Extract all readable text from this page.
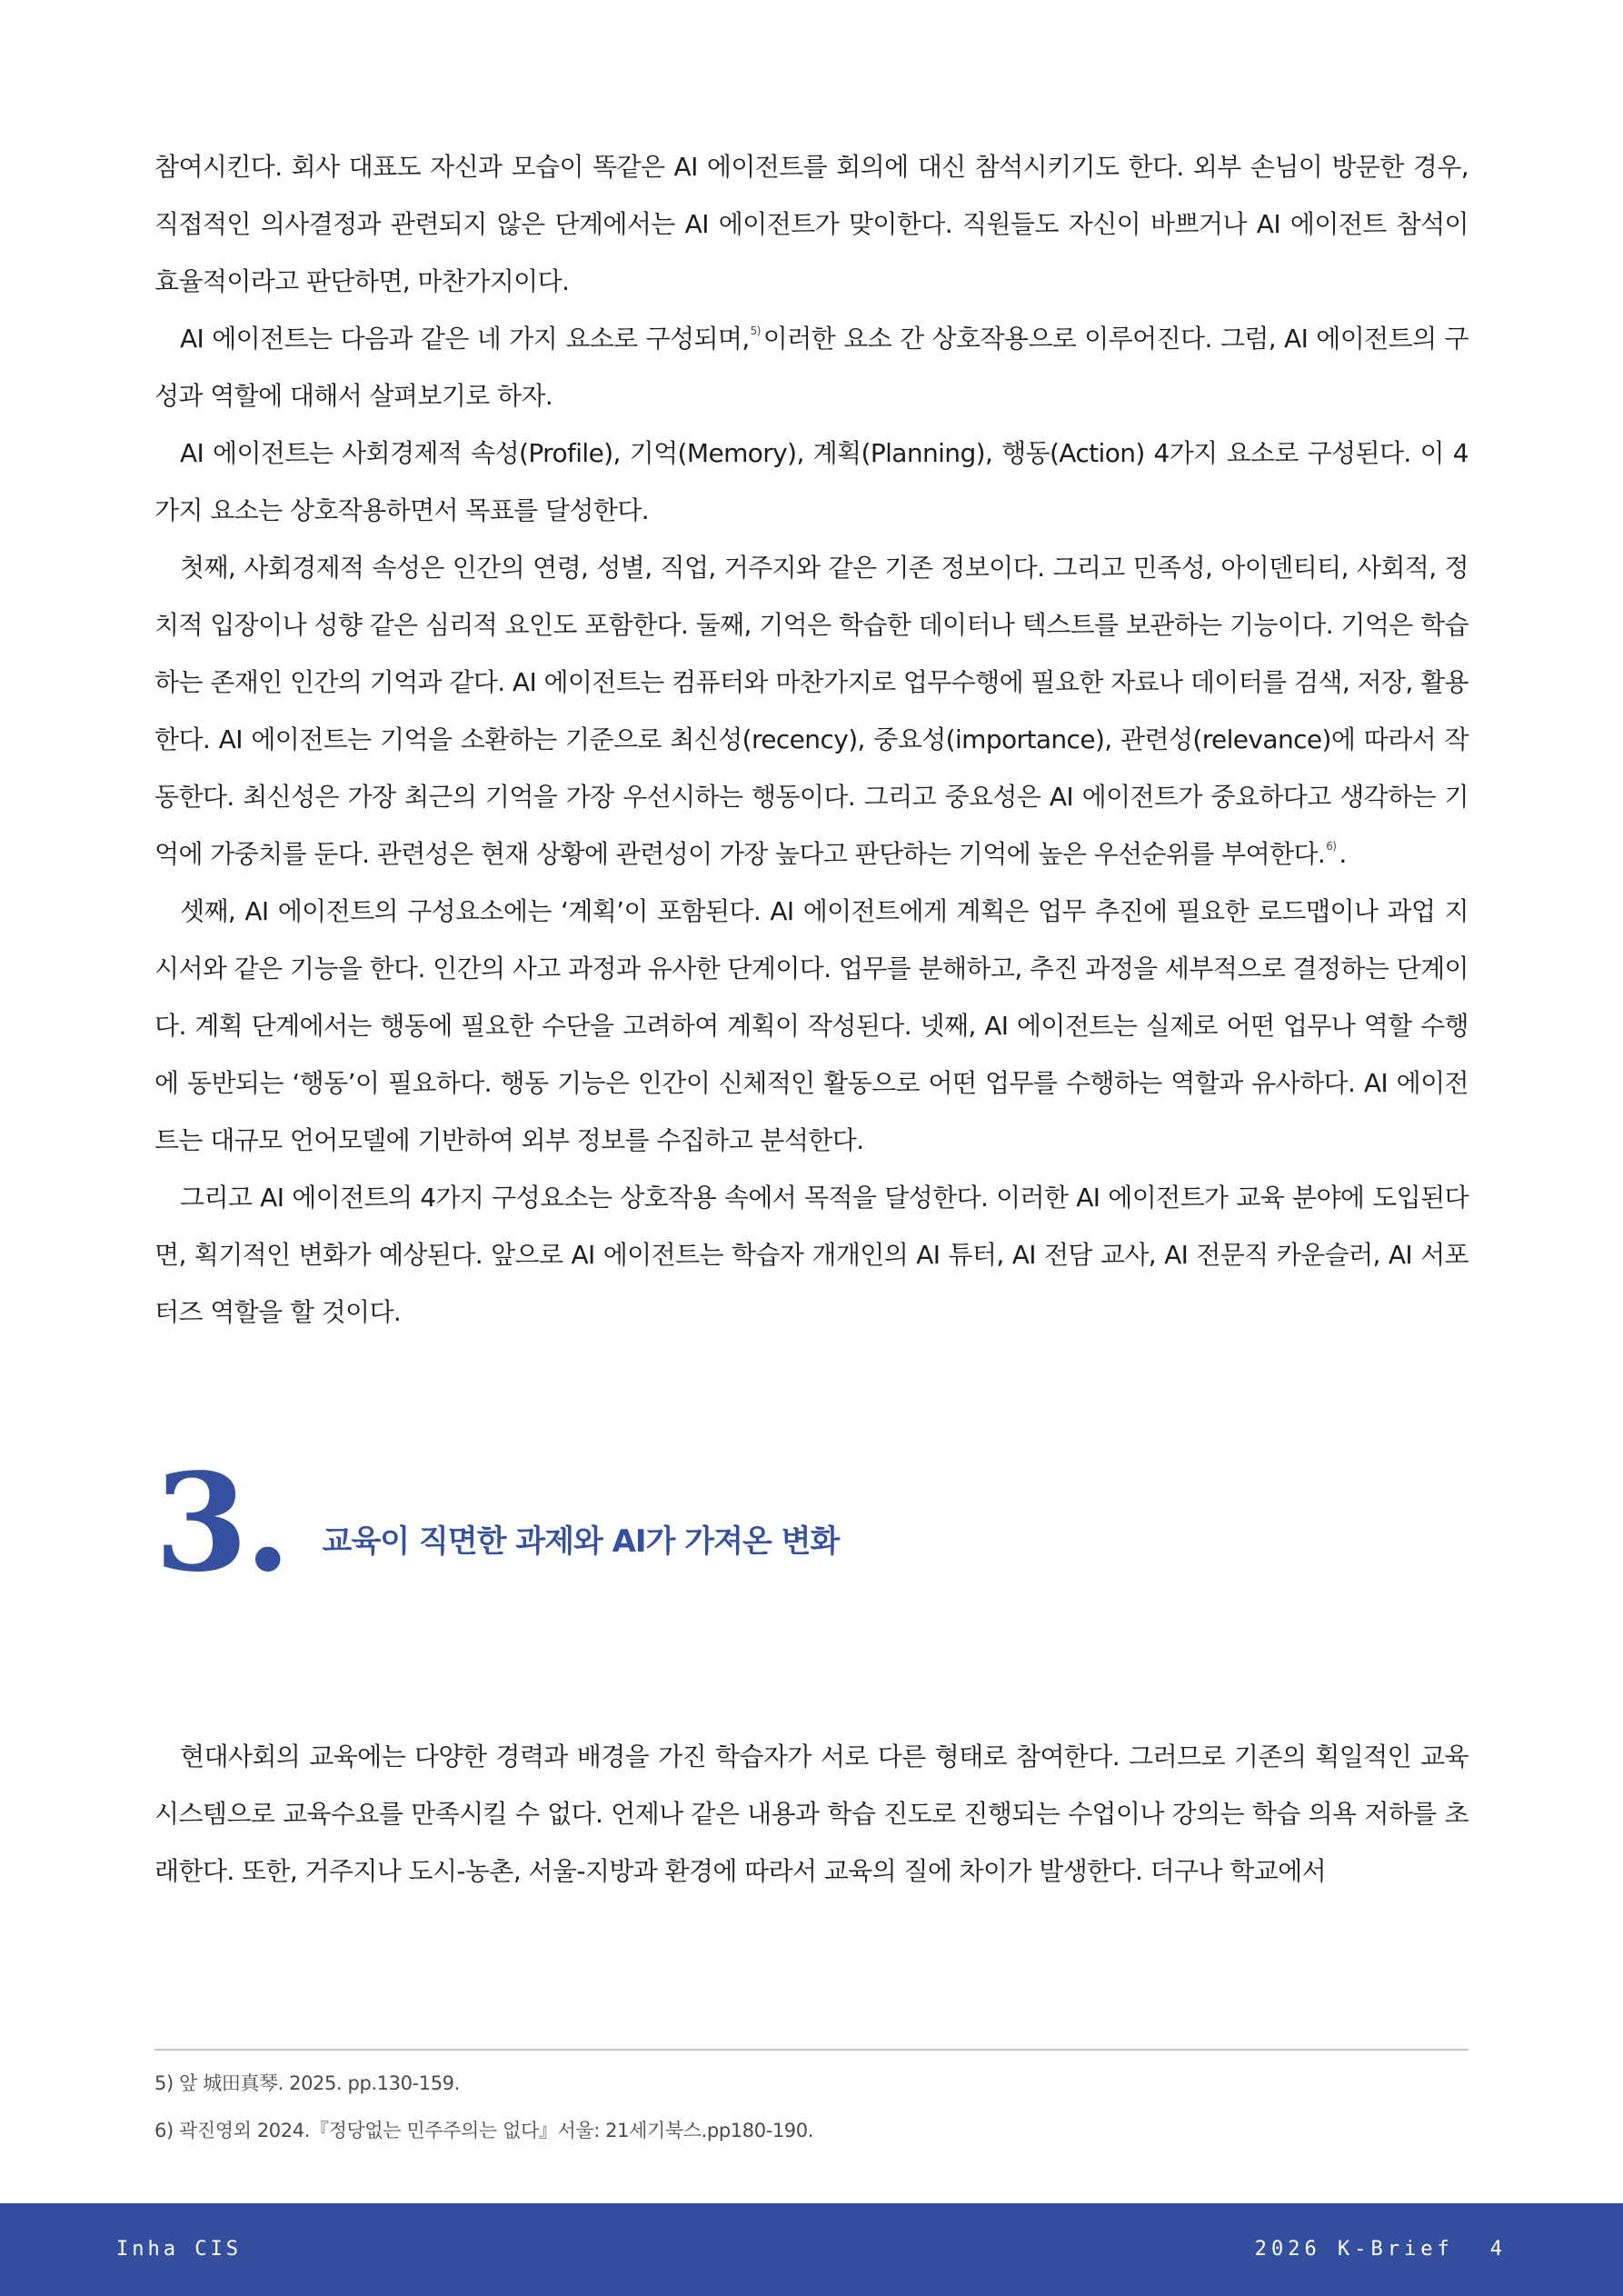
참여시킨다. 회사 대표도 자신과 모습이 똑같은 AI 에이전트를 회의에 대신 참석시키기도 한다. 외부 손님이 방문한 경우, 직접적인 의사결정과 관련되지 않은 단계에서는 AI 에이전트가 맞이한다. 직원들도 자신이 바쁘거나 AI 에이전트 참석이 효율적이라고 판단하면, 마찬가지이다.

AI 에이전트는 다음과 같은 네 가지 요소로 구성되며,$^{5)}$ 이러한 요소 간 상호작용으로 이루어진다. 그럼, AI 에이전트의 구성과 역할에 대해서 살펴보기로 하자.

AI 에이전트는 사회경제적 속성(Profile), 기억(Memory), 계획(Planning), 행동(Action) 4가지 요소로 구성된다. 이 4가지 요소는 상호작용하면서 목표를 달성한다.

첫째, 사회경제적 속성은 인간의 연령, 성별, 직업, 거주지와 같은 기존 정보이다. 그리고 민족성, 아이덴티티, 사회적, 정치적 입장이나 성향 같은 심리적 요인도 포함한다. 둘째, 기억은 학습한 데이터나 텍스트를 보관하는 기능이다. 기억은 학습하는 존재인 인간의 기억과 같다. AI 에이전트는 컴퓨터와 마찬가지로 업무수행에 필요한 자료나 데이터를 검색, 저장, 활용한다. AI 에이전트는 기억을 소환하는 기준으로 최신성(recency), 중요성(importance), 관련성(relevance)에 따라서 작동한다. 최신성은 가장 최근의 기억을 가장 우선시하는 행동이다. 그리고 중요성은 AI 에이전트가 중요하다고 생각하는 기억에 가중치를 둔다. 관련성은 현재 상황에 관련성이 가장 높다고 판단하는 기억에 높은 우선순위를 부여한다.$^{6)}$ .

셋째, AI 에이전트의 구성요소에는 ‘계획’이 포함된다. AI 에이전트에게 계획은 업무 추진에 필요한 로드맵이나 과업 지시서와 같은 기능을 한다. 인간의 사고 과정과 유사한 단계이다. 업무를 분해하고, 추진 과정을 세부적으로 결정하는 단계이다. 계획 단계에서는 행동에 필요한 수단을 고려하여 계획이 작성된다. 넷째, AI 에이전트는 실제로 어떤 업무나 역할 수행에 동반되는 ‘행동’이 필요하다. 행동 기능은 인간이 신체적인 활동으로 어떤 업무를 수행하는 역할과 유사하다. AI 에이전트는 대규모 언어모델에 기반하여 외부 정보를 수집하고 분석한다.

그리고 AI 에이전트의 4가지 구성요소는 상호작용 속에서 목적을 달성한다. 이러한 AI 에이전트가 교육 분야에 도입된다면, 획기적인 변화가 예상된다. 앞으로 AI 에이전트는 학습자 개개인의 AI 튜터, AI 전담 교사, AI 전문직 카운슬러, AI 서포터즈 역할을 할 것이다.

3. 교육이 직면한 과제와 AI가 가져온 변화

현대사회의 교육에는 다양한 경력과 배경을 가진 학습자가 서로 다른 형태로 참여한다. 그러므로 기존의 획일적인 교육시스템으로 교육수요를 만족시킬 수 없다. 언제나 같은 내용과 학습 진도로 진행되는 수업이나 강의는 학습 의욕 저하를 초래한다. 또한, 거주지나 도시-농촌, 서울-지방과 환경에 따라서 교육의 질에 차이가 발생한다. 더구나 학교에서

5) 앞 城田真琴. 2025. pp.130-159.
6) 곽진영외 2024.『정당없는 민주주의는 없다』서울: 21세기북스.pp180-190.
Inha CIS	2026 K-Brief 4
